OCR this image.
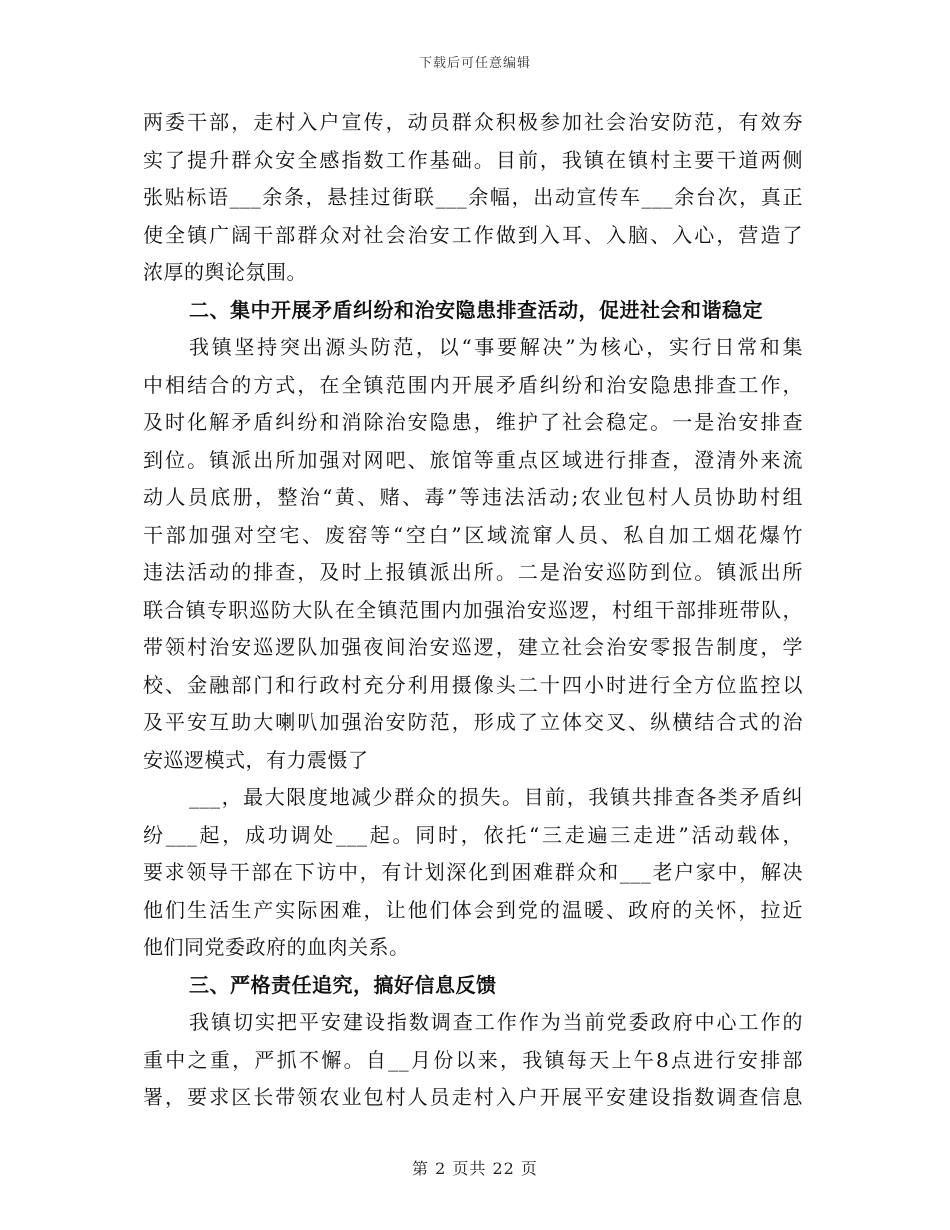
下载后可任意编辑
两委干部，走村入户宣传，动员群众积极参加社会治安防范，有效夯
实了提升群众安全感指数工作基础。目前，我镇在镇村主要干道两侧
张贴标语___余条，悬挂过街联___余幅，出动宣传车___余台次，真正
使全镇广阔干部群众对社会治安工作做到入耳、入脑、入心，营造了
浓厚的舆论氛围。
二、集中开展矛盾纠纷和治安隐患排查活动，促进社会和谐稳定
我镇坚持突出源头防范，以“事要解决”为核心，实行日常和集
中相结合的方式，在全镇范围内开展矛盾纠纷和治安隐患排查工作，
及时化解矛盾纠纷和消除治安隐患，维护了社会稳定。一是治安排查
到位。镇派出所加强对网吧、旅馆等重点区域进行排查，澄清外来流
动人员底册，整治“黄、赌、毒”等违法活动;农业包村人员协助村组
干部加强对空宅、废窑等“空白”区域流窜人员、私自加工烟花爆竹
违法活动的排查，及时上报镇派出所。二是治安巡防到位。镇派出所
联合镇专职巡防大队在全镇范围内加强治安巡逻，村组干部排班带队，
带领村治安巡逻队加强夜间治安巡逻，建立社会治安零报告制度，学
校、金融部门和行政村充分利用摄像头二十四小时进行全方位监控以
及平安互助大喇叭加强治安防范，形成了立体交叉、纵横结合式的治
安巡逻模式，有力震慑了
___，最大限度地减少群众的损失。目前，我镇共排查各类矛盾纠
纷___起，成功调处___起。同时，依托“三走遍三走进”活动载体，
要求领导干部在下访中，有计划深化到困难群众和___老户家中，解决
他们生活生产实际困难，让他们体会到党的温暖、政府的关怀，拉近
他们同党委政府的血肉关系。
三、严格责任追究，搞好信息反馈
我镇切实把平安建设指数调查工作作为当前党委政府中心工作的
重中之重，严抓不懈。自__月份以来，我镇每天上午8点进行安排部
署，要求区长带领农业包村人员走村入户开展平安建设指数调查信息
第 2 页共 22 页
